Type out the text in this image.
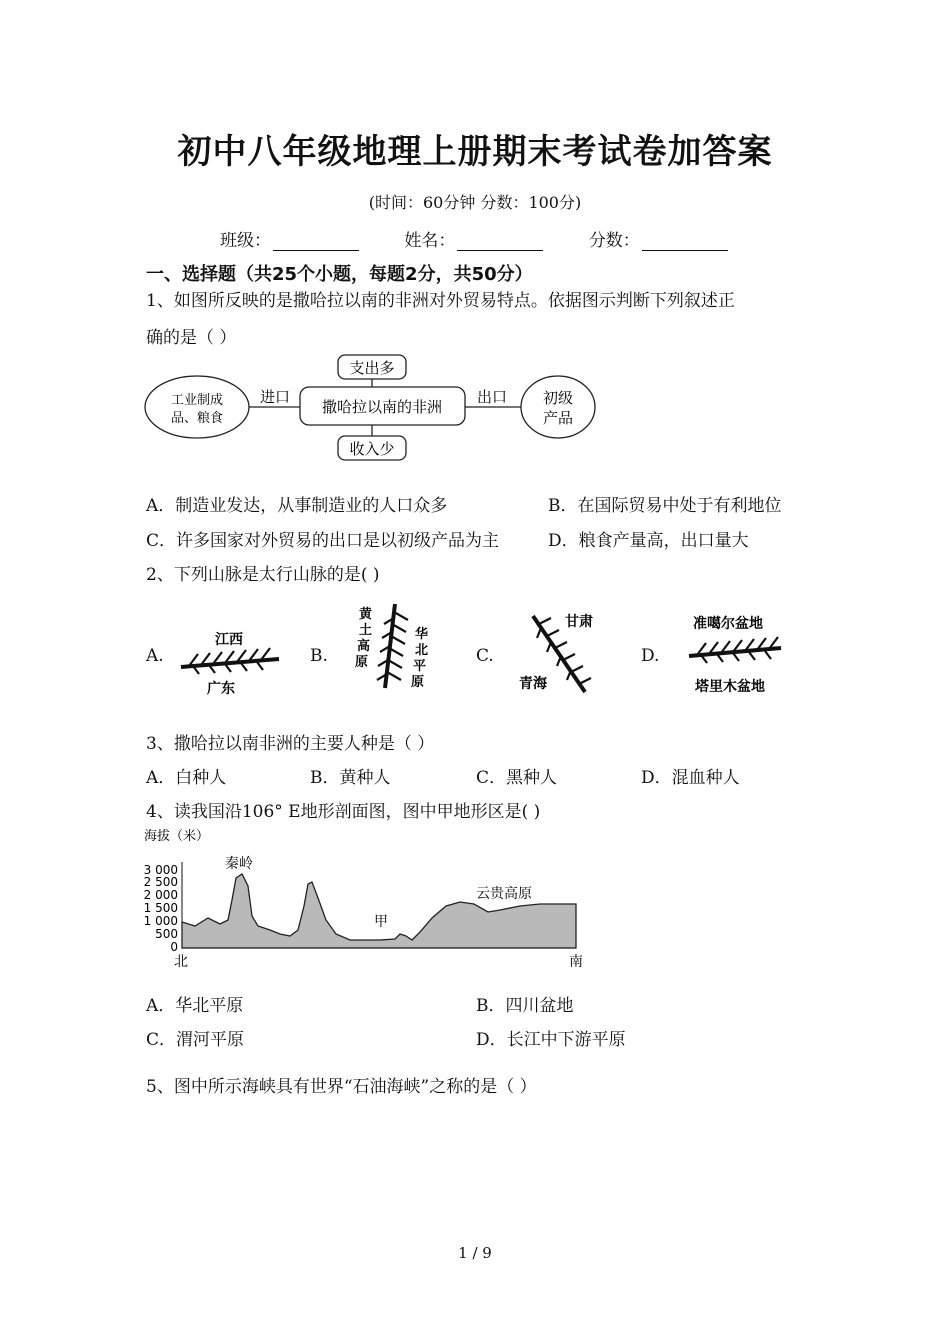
初中八年级地理上册期末考试卷加答案
(时间：60分钟 分数：100分)
班级：	姓名：	分数：
一、选择题（共25个小题，每题2分，共50分）
1、如图所反映的是撒哈拉以南的非洲对外贸易特点。依据图示判断下列叙述正
确的是（ ）
工业制成
品、粮食
进口
撒哈拉以南的非洲
出口 初级
产品
支出多
收入少
A．制造业发达，从事制造业的人口众多	B．在国际贸易中处于有利地位
C．许多国家对外贸易的出口是以初级产品为主	D．粮食产量高，出口量大
2、下列山脉是太行山脉的是( )
A.	B.	C.	D.
江西
广东
黄土高原
华北平原
甘肃
青海
准噶尔盆地
塔里木盆地
3、撒哈拉以南非洲的主要人种是（ ）
A．白种人	B．黄种人	C．黑种人	D．混血种人
4、读我国沿106° E地形剖面图，图中甲地形区是( )
海拔（米）
3 000
2 500
2 000
1 500
1 000
500
0
秦岭
甲
云贵高原
北	南
A．华北平原	B．四川盆地
C．渭河平原	D．长江中下游平原
5、图中所示海峡具有世界“石油海峡”之称的是（ ）
1 / 9
